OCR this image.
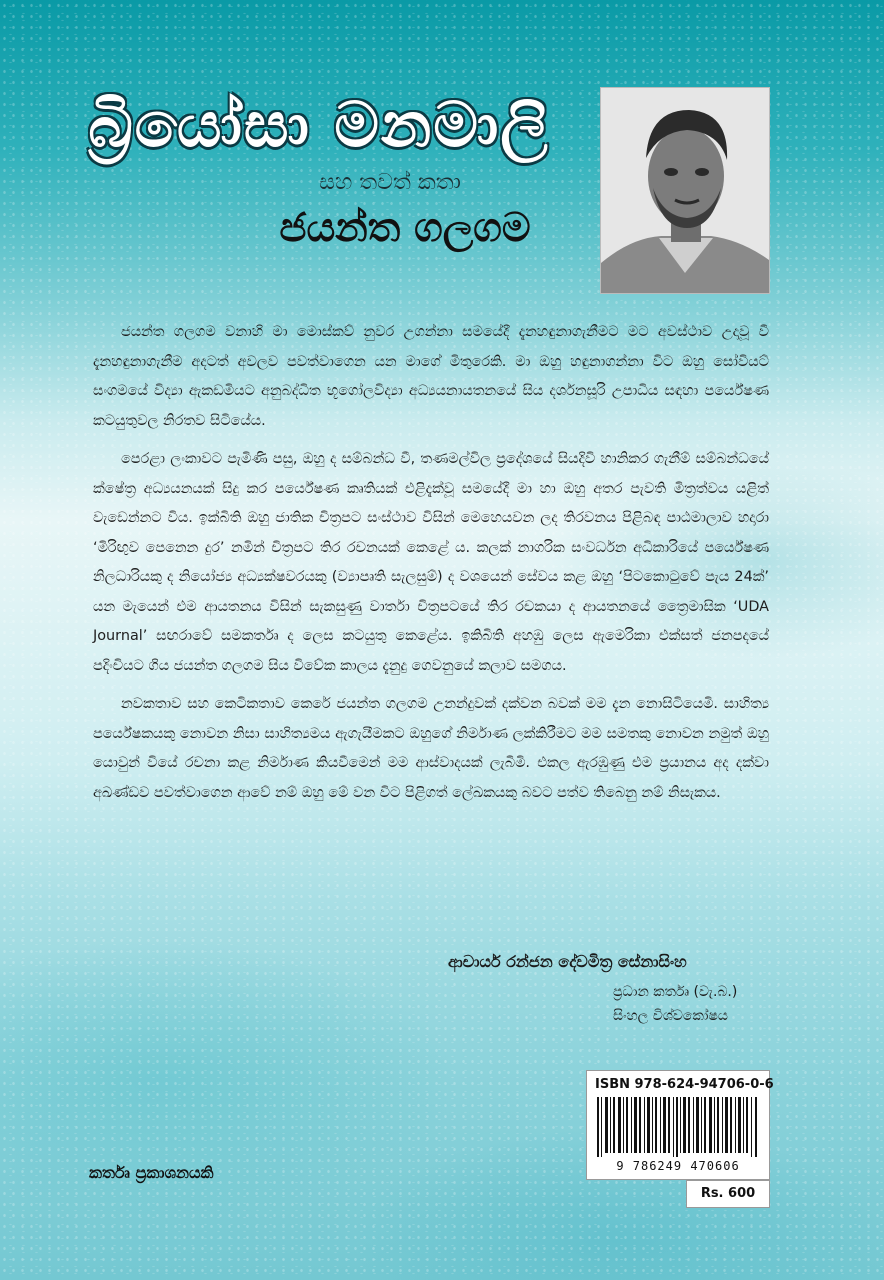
බ්‍රියෝසා මනමාලි
සහ තවත් කතා
ජයන්ත ගලගම

ජයන්ත ගලගම වනාහි මා මොස්කව් නුවර උගන්නා සමයේදී දැනහඳුනාගැනීමට මට අවස්ථාව උදාවූ වී දැනහඳුනාගැනීම අදටත් අවලව පවත්වාගෙන යන මාගේ මිතුරෙකි. මා ඔහු හඳුනාගන්නා විට ඔහු සෝවියට් සංගමයේ විද්‍යා ඇකඩමියට අනුබද්ධිත භූගෝලවිද්‍යා අධ්‍යයනායතනයේ සිය දර්ශනසූරි උපාධිය සඳහා පර්යේෂණ කටයුතුවල නිරතව සිටියේය.

පෙරළා ලංකාවට පැමිණි පසු, ඔහු ද සම්බන්ධ වී, තණමල්විල ප්‍රදේශයේ සියදිවි හානිකර ගැනීම් සම්බන්ධයේ ක්ෂේත්‍ර අධ්‍යයනයක් සිදු කර පර්යේෂණ කෘතියක් එළිදැක්වූ සමයේදී මා හා ඔහු අතර පැවති මිත්‍රත්වය යළිත් වැඩෙන්නට විය. ඉක්බිති ඔහු ජාතික චිත්‍රපට සංස්ථාව විසින් මෙහෙයවන ලද තිරවනය පිළිබඳ පාඨමාලාව හදාරා ‘මිරිඟුව පෙනෙන දුර’ නමින් චිත්‍රපට තිර රචනයක් කෙළේ ය. කලක් නාගරික සංවර්ධන අධිකාරියේ පර්යේෂණ නිලධාරියකු ද නියෝජ්‍ය අධ්‍යක්ෂවරයකු (ව්‍යාපෘති සැලසුම්) ද වශයෙන් සේවය කළ ඔහු ‘පිටකොටුවේ පැය 24ක්’ යන මැයෙන් එම ආයතනය විසින් සැකසුණු වාර්තා චිත්‍රපටයේ තිර රචකයා ද ආයතනයේ ත්‍රෛමාසික ‘UDA Journal’ සඟරාවේ සමකර්තෘ ද ලෙස කටයුතු කෙළේය. ඉකිබිති අහඹු ලෙස ඇමෙරිකා එක්සත් ජනපදයේ පදිංචියට ගිය ජයන්ත ගලගම සිය විවේක කාලය දැනුදු ගෙවනුයේ කලාව සමගය.

නවකතාව සහ කෙටිකතාව කෙරේ ජයන්ත ගලගම උනන්දුවක් දක්වන බවක් මම දැන නොසිටියෙමි. සාහිත්‍ය පර්යේෂකයකු නොවන නිසා සාහිත්‍යමය ඇගැයීමකට ඔහුගේ නිර්මාණ ලක්කිරීමට මම සමතකු නොවන නමුත් ඔහු යොවුන් වියේ රචනා කළ නිර්මාණ කියවීමෙන් මම ආස්වාදයක් ලැබීමි. එකල ඇරඹුණු එම ප්‍රයානය අද දක්වා අඛණ්ඩව පවත්වාගෙන ආවේ නම් ඔහු මේ වන විට පිළිගත් ලේඛකයකු බවට පත්ව තිබෙනු නම් නිසැකය.

ආචාර්ය රන්ජන දේවමිත්‍ර සේනාසිංහ
ප්‍රධාන කර්තෘ (වැ.බ.)
සිංහල විශ්වකෝෂය
ISBN 978-624-94706-0-6
9 786249 470606
Rs. 600
කර්තෘ ප්‍රකාශනයකි
